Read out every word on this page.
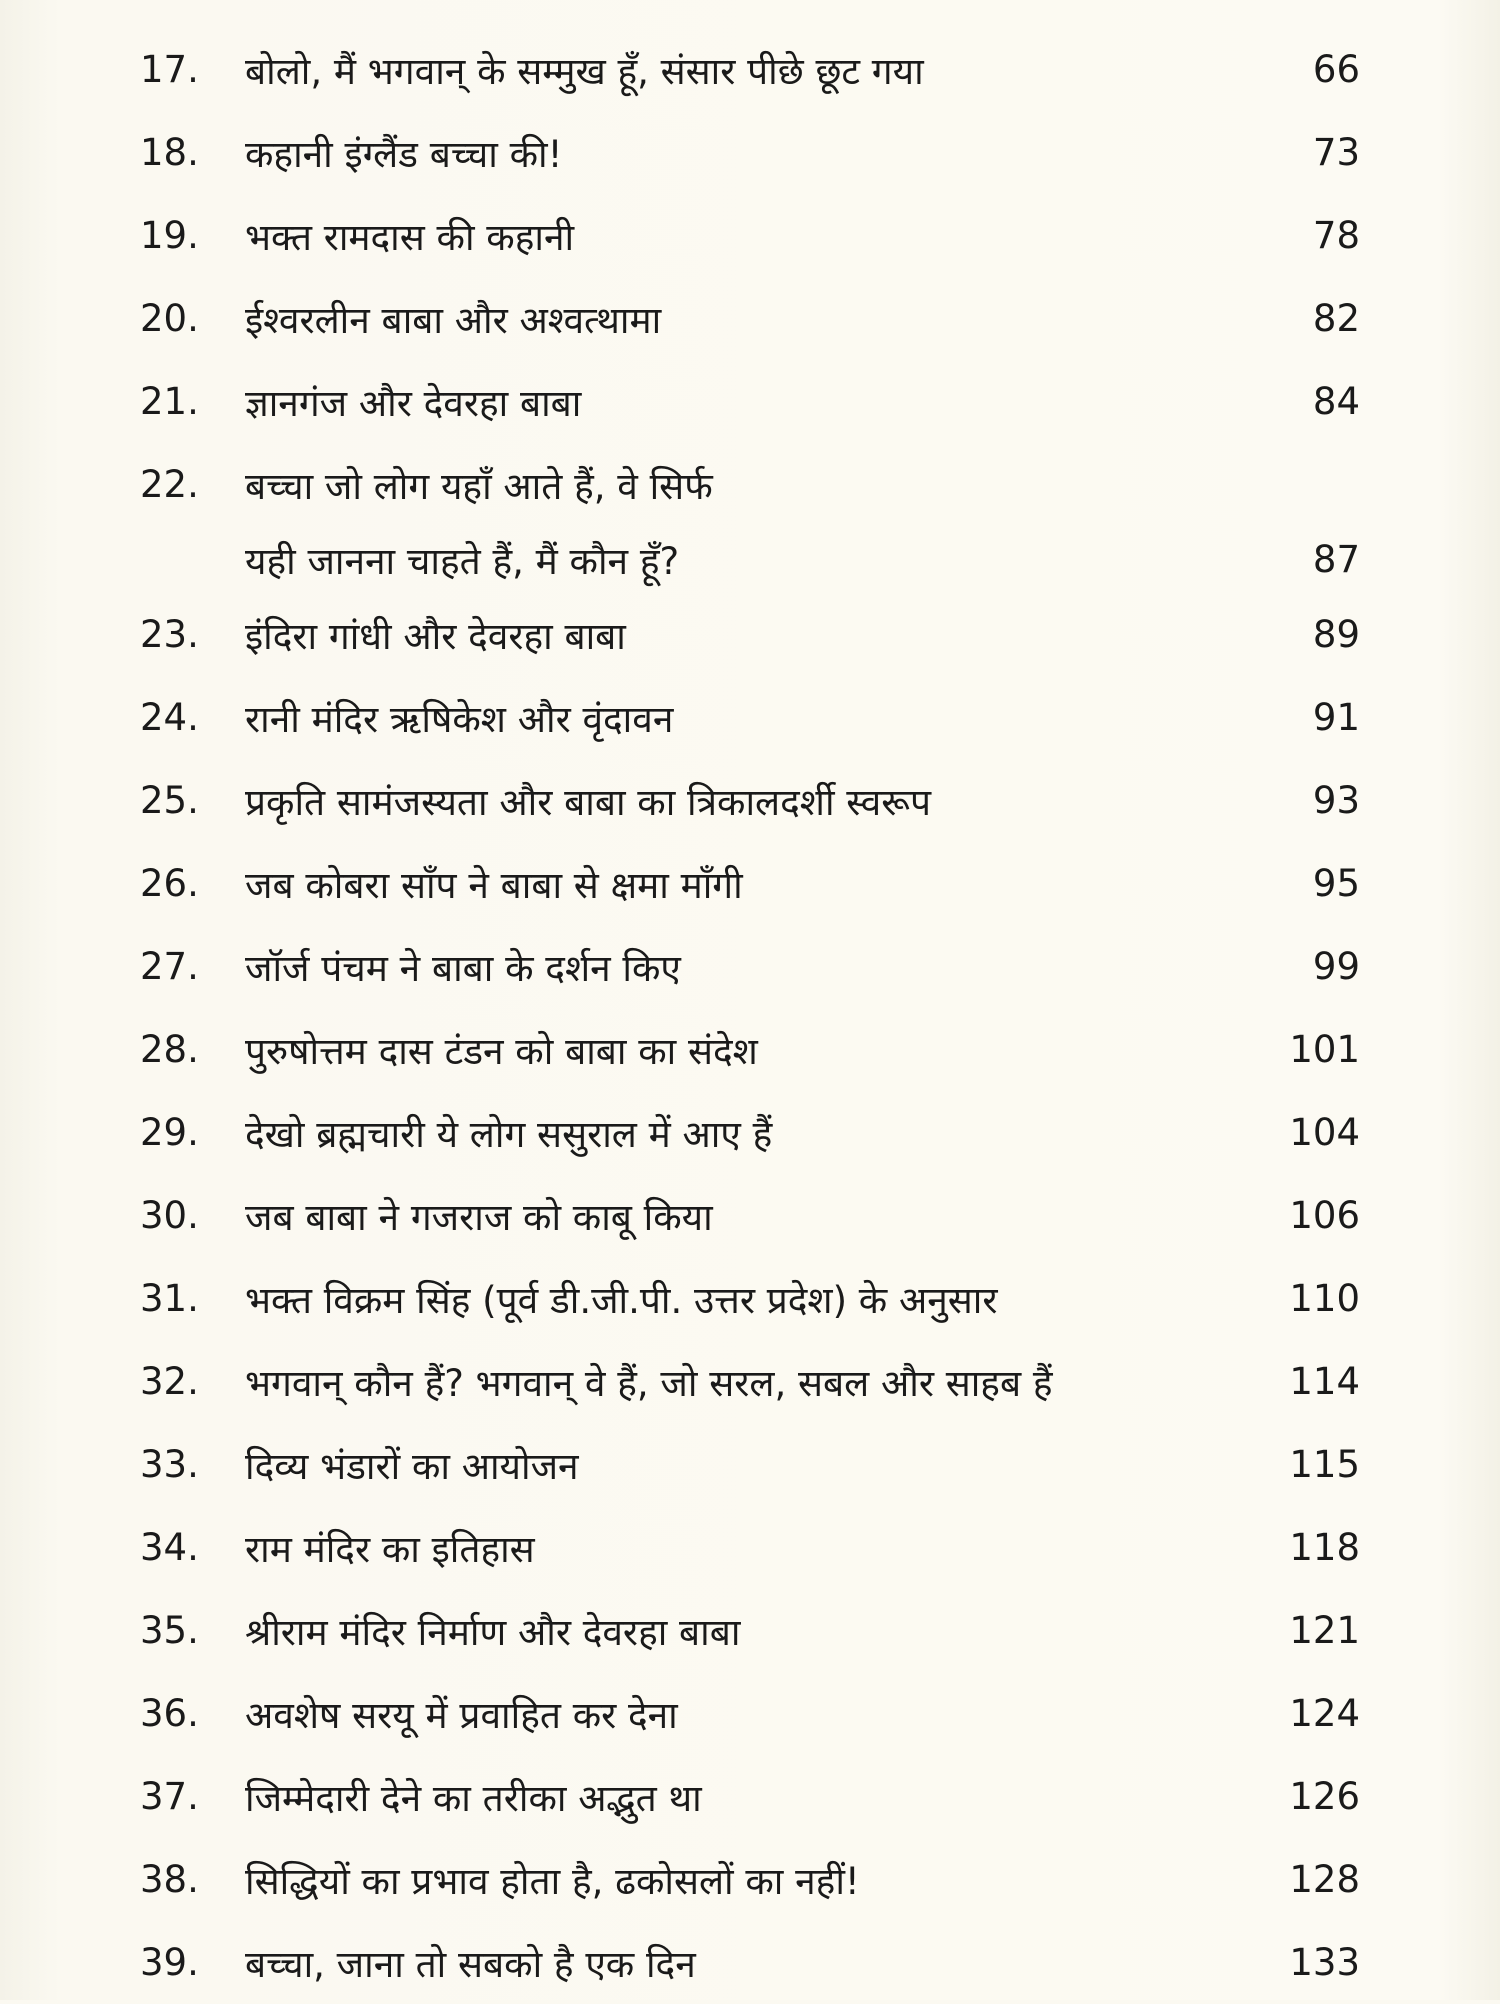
17.	बोलो, मैं भगवान् के सम्मुख हूँ, संसार पीछे छूट गया	66
18.	कहानी इंग्लैंड बच्चा की!	73
19.	भक्त रामदास की कहानी	78
20.	ईश्वरलीन बाबा और अश्वत्थामा	82
21.	ज्ञानगंज और देवरहा बाबा	84
22.	बच्चा जो लोग यहाँ आते हैं, वे सिर्फ
यही जानना चाहते हैं, मैं कौन हूँ?	87
23.	इंदिरा गांधी और देवरहा बाबा	89
24.	रानी मंदिर ऋषिकेश और वृंदावन	91
25.	प्रकृति सामंजस्यता और बाबा का त्रिकालदर्शी स्वरूप	93
26.	जब कोबरा साँप ने बाबा से क्षमा माँगी	95
27.	जॉर्ज पंचम ने बाबा के दर्शन किए	99
28.	पुरुषोत्तम दास टंडन को बाबा का संदेश	101
29.	देखो ब्रह्मचारी ये लोग ससुराल में आए हैं	104
30.	जब बाबा ने गजराज को काबू किया	106
31.	भक्त विक्रम सिंह (पूर्व डी.जी.पी. उत्तर प्रदेश) के अनुसार	110
32.	भगवान् कौन हैं? भगवान् वे हैं, जो सरल, सबल और साहब हैं	114
33.	दिव्य भंडारों का आयोजन	115
34.	राम मंदिर का इतिहास	118
35.	श्रीराम मंदिर निर्माण और देवरहा बाबा	121
36.	अवशेष सरयू में प्रवाहित कर देना	124
37.	जिम्मेदारी देने का तरीका अद्भुत था	126
38.	सिद्धियों का प्रभाव होता है, ढकोसलों का नहीं!	128
39.	बच्चा, जाना तो सबको है एक दिन	133
